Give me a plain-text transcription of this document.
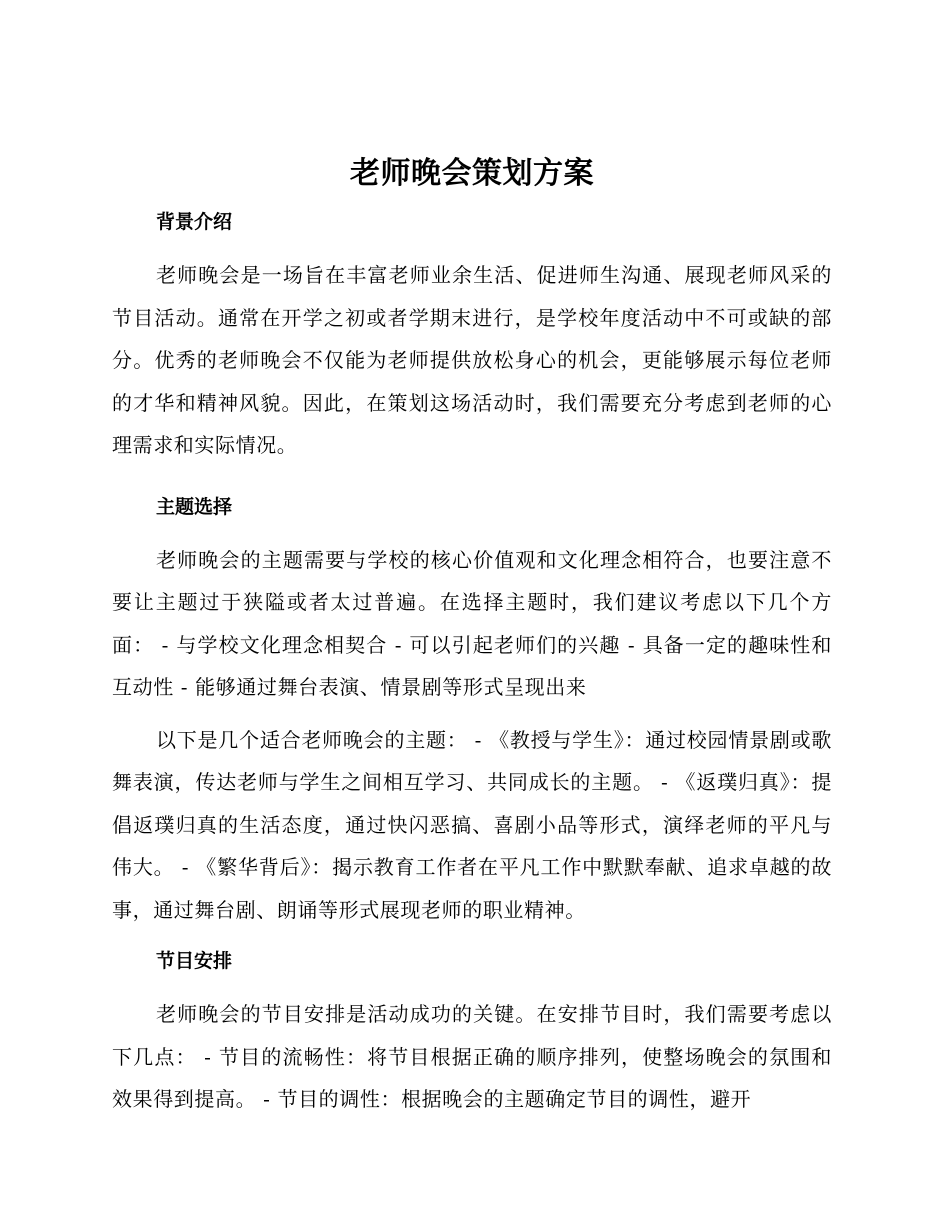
老师晚会策划方案
背景介绍

老师晚会是一场旨在丰富老师业余生活、促进师生沟通、展现老师风采的节目活动。通常在开学之初或者学期末进行，是学校年度活动中不可或缺的部分。优秀的老师晚会不仅能为老师提供放松身心的机会，更能够展示每位老师的才华和精神风貌。因此，在策划这场活动时，我们需要充分考虑到老师的心理需求和实际情况。

主题选择

老师晚会的主题需要与学校的核心价值观和文化理念相符合，也要注意不要让主题过于狭隘或者太过普遍。在选择主题时，我们建议考虑以下几个方面： - 与学校文化理念相契合 - 可以引起老师们的兴趣 - 具备一定的趣味性和互动性 - 能够通过舞台表演、情景剧等形式呈现出来

以下是几个适合老师晚会的主题： - 《教授与学生》：通过校园情景剧或歌舞表演，传达老师与学生之间相互学习、共同成长的主题。 - 《返璞归真》：提倡返璞归真的生活态度，通过快闪恶搞、喜剧小品等形式，演绎老师的平凡与伟大。 - 《繁华背后》：揭示教育工作者在平凡工作中默默奉献、追求卓越的故事，通过舞台剧、朗诵等形式展现老师的职业精神。

节目安排

老师晚会的节目安排是活动成功的关键。在安排节目时，我们需要考虑以下几点： - 节目的流畅性：将节目根据正确的顺序排列，使整场晚会的氛围和效果得到提高。 - 节目的调性：根据晚会的主题确定节目的调性，避开
